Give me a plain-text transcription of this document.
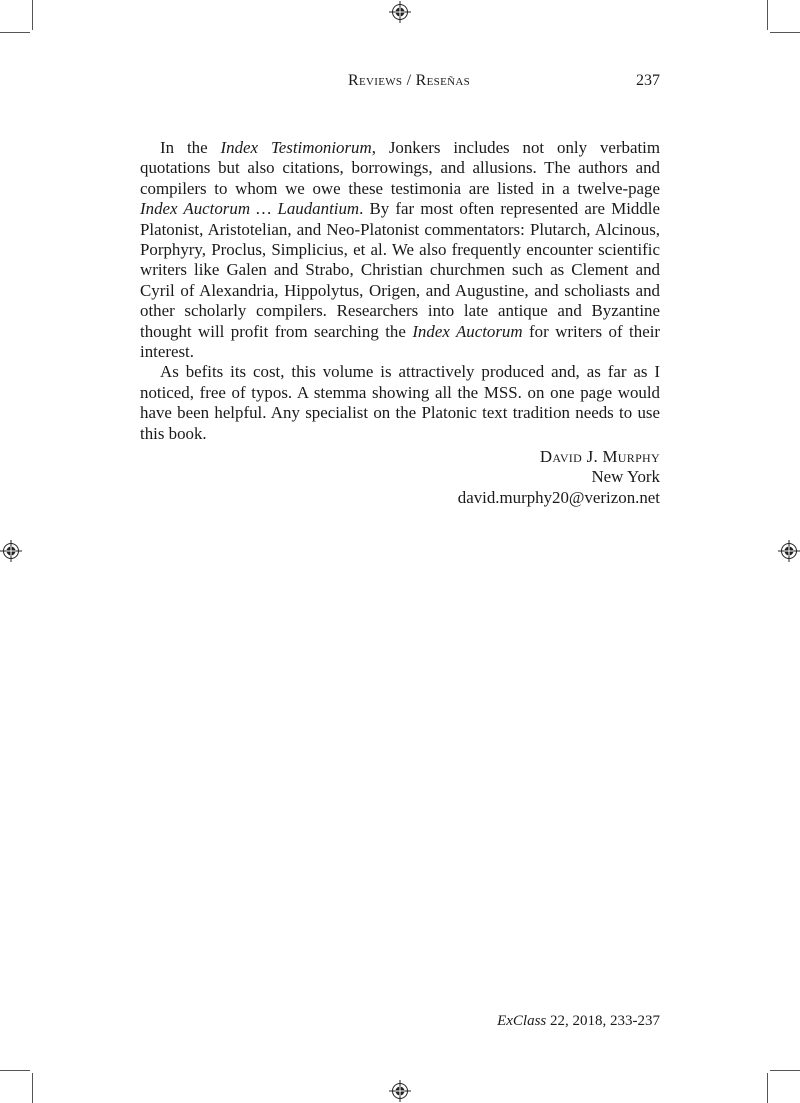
Reviews / Reseñas	237

In the Index Testimoniorum, Jonkers includes not only verbatim quotations but also citations, borrowings, and allusions. The authors and compilers to whom we owe these testimonia are listed in a twelve-page Index Auctorum … Laudantium. By far most often represented are Middle Platonist, Aristotelian, and Neo-Platonist commentators: Plutarch, Alcinous, Porphyry, Proclus, Simplicius, et al. We also frequently encounter scientific writers like Galen and Strabo, Christian churchmen such as Clement and Cyril of Alexandria, Hippolytus, Origen, and Augustine, and scholiasts and other scholarly compilers. Researchers into late antique and Byzantine thought will profit from searching the Index Auctorum for writers of their interest.

As befits its cost, this volume is attractively produced and, as far as I noticed, free of typos. A stemma showing all the MSS. on one page would have been helpful. Any specialist on the Platonic text tradition needs to use this book.

David J. Murphy
New York
david.murphy20@verizon.net
ExClass 22, 2018, 233-237
